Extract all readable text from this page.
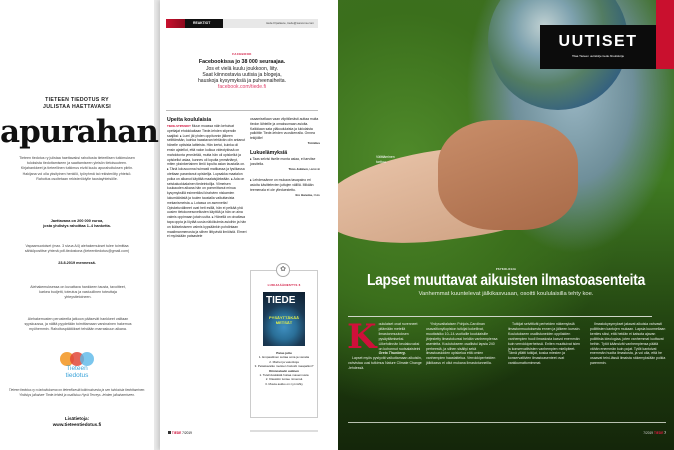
TIETEEN TIEDOTUS RY
JULISTAA HAETTAVAKSI
apurahan
Tieteen tiedotus ry julistaa haettavaksi rahoitusta tieteellisen tutkimuksen tuloksista tiedottamiseen ja saattamiseen yleisön tietoisuuteen. Kirjahankkeet ja tieteellinen tutkimus eivät kuulu apurahoituksen piiriin. Hakijana voi olla yksityinen henkilö, työryhmä tai rekisteröity yhteisö. Rahoitus osoitetaan rekisteröidylle taustayhteisölle.
Jaettavana on 200 000 euroa,
josta yhdistys rahoittaa 1–4 hanketta.
Vapaamuotoiset (max. 3 sivua A4) aiehakemukset tulee toimittaa sähköpostitse yhtenä pdf-tiedostona (tieteentiedotus@gmail.com)
23.8.2019 mennessä.
Aiehakemuksessa on kuvattava hankkeen tausta, tavoitteet, karkea budjetti, toteutus ja vastuullinen toteuttaja yhteystietoineen.
Aiehakemusten perusteella jatkoon pääsevät hankkeet valitaan syyskuussa, ja näiltä pyydetään toimittamaan varsinainen hakemus myöhemmin. Rahoituspäätökset tehdään marraskuun aikana.
Tieteen
tiedotus
Tieteen tiedotus ry:n tarkoituksena on tieteellisestä tutkimuksesta ja sen tuloksista tiedottaminen. Yhdistys julkaisee Tiede-lehteä ja osallistuu Hyvä Terveys -lehden julkaisemiseen.
Lisätietoja:
www.tieteentiedotus.fi
REAKTIOT	tiede.fi/palaute, tiede@sanoma.com
FACEBOOK
Facebookissa jo 38 000 seuraajaa.
Jos et vielä kuulu joukkoon, liity.
Saat kiinnostavia uutisia ja blogeja,
hauskoja kysymyksiä ja puheenaiheita.
facebook.com/tiede.fi
Upeita koululaisia
TIEDE-STIPENDIT Muun muassa näin kehuivat opettajat ehdokkaitaan Tiede-lehden stipendin saajiksi: ▸ Lumi jäi yhden oppitunnin jälkeen selittämään, kuinka haastavan tehtävän olin antanut hänelle optisista laitteista. Hän kertoi, kuinka oli ensin ajatellut, että valon kulkua videotykissä on mahdotonta ymmärtää, mutta hän oli opiskellut ja opiskellut asiaa, kunnes oli lopulta ymmärtänyt, miten yksinkertainen ilmiö lopulta asian taustalla on. ▸ Tänä lukuvuonna huimasti matikassa ja fysiikassa otettaan parantanut opiskelija. Lupsakka maatalon poika on alkanut käyttää maalaisjärkeään. ▸ Ada on seiskaluokkalainen tiedeintoilija. Viimeisen kuukauden aikana hän on pommittanut minua kysymyksillä esimerkiksi kirahvien niskamien lukumäärästä ja tuulen taustalla vaikuttavista mekanismeista. ▸ Lotassa on asennetta! Opiskeluvälineet ovat heti esillä, hän ei pelkää yhä uusien tietokonesovellusten käyttöä ja hän on aina valmis oppimaan jotain uutta. ▸ Hänellä on oivaltava tapa oppia ja löytää uusia näkökulmia asioihin ja hän on ikäiseksiseen valmis kypsäänkin pohdintaan maailmanmenosta ja siihen liittyvistä ilmiöistä. Elmeri ei myöskään patsastele
osaamisellaan vaan vilpittömästi auttaa muita tiedon lähteille ja omaksumaan asioita. Kaikkiaan sata yläkoululaista ja lukiolaista palkittiin Tiede-lehden vuosikerralla. Onnea tekijöille!
Toimitus
Lukuelämyksiä
▸ Taas selvisi itselle monta asiaa, ei tarvitse jossitella.
Timo Jokinen, Helsinki
▸ Lehdessänne on mukava tasapaino eri asioita käsittelevien juttujen välillä. Mikään teemenala ei ole ylieduestettu.
Iiro Harema, Oulu
✿
LUKIJAÄÄNESTYS 6
TIEDE
PYSÄYTTÄKÄÄ METSÄT
Paras juttu
1. Empaattinen suttaa omia ja vieraita
2. Miehet ja vaiuvikoja
3. Pelastavatko metsien hoitotöt maapallon?
Kiinnostavin uutinen
1. Tulehduskäätä hoitaa masennusta
2. Klassikin tuntee nimensä
3. Muuta aukko on nyt nähty
TIEDE 7/2019
UUTISET
Tilaa Tieteen uutiskirje tiede.fi/uutiskirje
Välittäminen
tarttuu.
PSYKOLOGIA
Lapset muuttavat aikuisten ilmastoasenteita
Vanhemmat kuuntelevat jälkikasvuaan, osoitti koululaisilla tehty koe.
K oululaiset ovat ruvenneet pitämään meteliä ilmastonmuutoksen pysäyttämiseksi. Liikehdinnän keulakuvaksi on kohonnut ruotsalaisteini Greta Thunberg.
Lapset myös pystyvät vaikuttamaan aikuisiin, vahvistaa uusi tutkimus Nature Climate Change -lehdessä.
Yhdysvaltalaisen Pohjois-Carolinan osavaltionyliopiston tutkijat kokeilivat, muuttaisiko 10–14-vuotiaille koululaisille järjestetty ilmastokurssi heidän vanhempiensa asenteita. Koulutukseen osallistui lapsia 240 perheestä, ja siihen sisältyi sekä ilmastoasioiden opiskelua että omien vanhempien haastattelua. Verrokkiperheiden jälkikasvu ei ollut mukana ilmastotunneilla.
Tutkijat selvittivät perheiden näkemyksiä ilmastonmuutoksesta ennen ja jälkeen kurssin. Koulutukseen osallistuneiden oppilaiden vanhempien huoli ilmastosta kasvoi enemmän kuin verrokkiperheissä. Eniten muuttuivat isien ja konservatiivisten vanhempien mielipiteet. Tämä yllätti tutkijat, koska miesten ja konservatiivien ilmastoasenteet ovat vankkumattomimmat.
Ilmastokysymykset jakavat aikuisia vahvasti poliittisten kantojen mukaan. Lapsia kuunnellaan kenties siksi, että heidän ei katsota ajavan poliittista ideologiaa, joten vanhemmat luottavat heihin. Tytöt käänsivät vanhempiensa päätä vähän enemmän kuin pojat. Tytöt kantoivat enemmän huolta ilmastosta, ja voi olla, että he osaavat teini-iässä ilmaista näkemyksiään poikia paremmin.
7/2019 TIEDE 7
